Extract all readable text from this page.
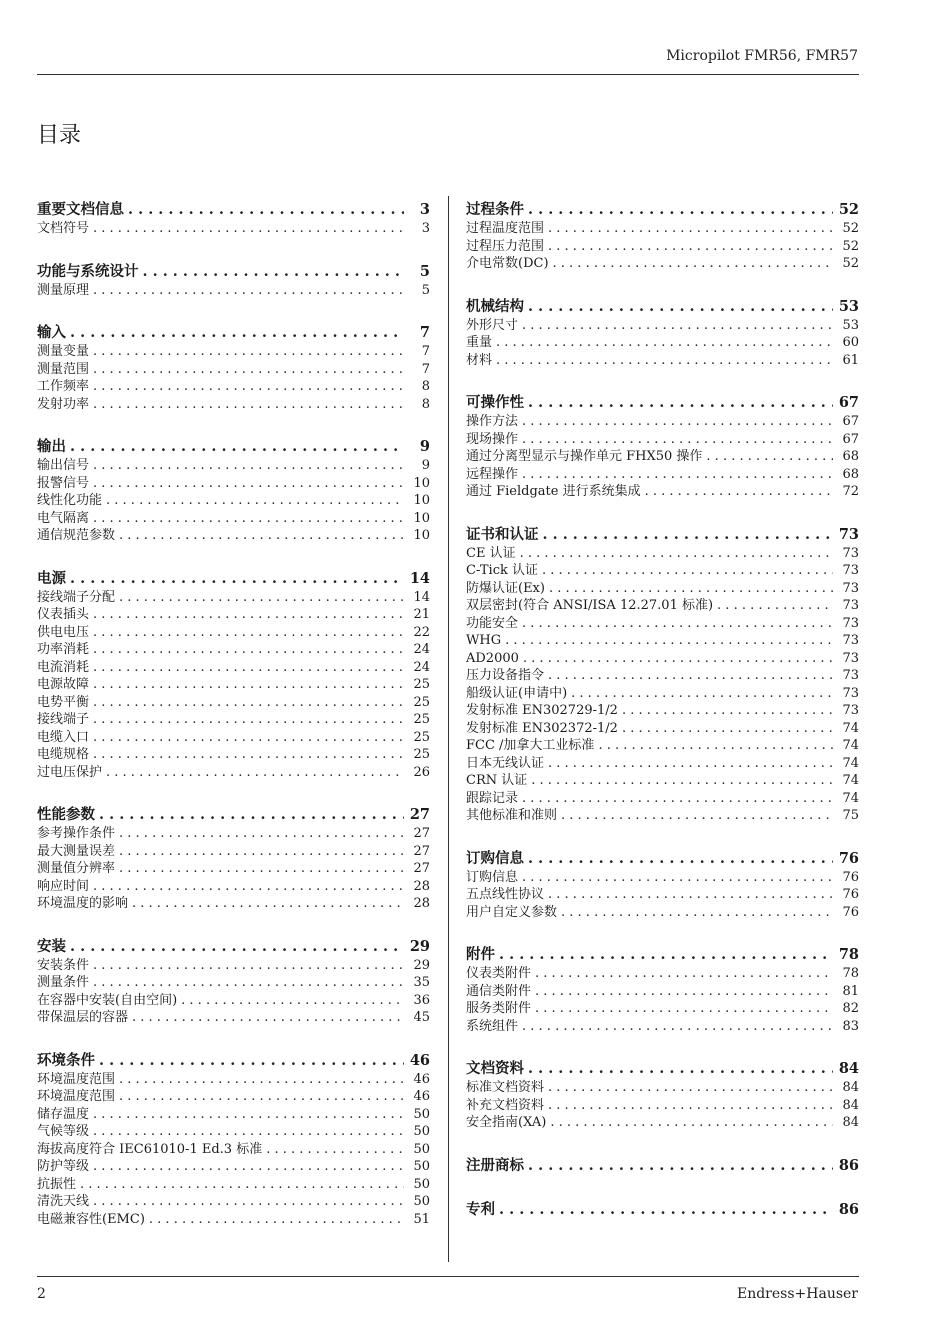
Micropilot FMR56, FMR57
目录
重要文档信息 . . .	3
文档符号 . . .	3
功能与系统设计 . . .	5
测量原理 . . .	5
输入 . . .	7
测量变量 . . .	7
测量范围 . . .	7
工作频率 . . .	8
发射功率 . . .	8
输出 . . .	9
输出信号 . . .	9
报警信号 . . .	10
线性化功能 . . .	10
电气隔离 . . .	10
通信规范参数 . . .	10
电源 . . .	14
接线端子分配 . . .	14
仪表插头 . . .	21
供电电压 . . .	22
功率消耗 . . .	24
电流消耗 . . .	24
电源故障 . . .	25
电势平衡 . . .	25
接线端子 . . .	25
电缆入口 . . .	25
电缆规格 . . .	25
过电压保护 . . .	26
性能参数 . . .	27
参考操作条件 . . .	27
最大测量误差 . . .	27
测量值分辨率 . . .	27
响应时间 . . .	28
环境温度的影响 . . .	28
安装 . . .	29
安装条件 . . .	29
测量条件 . . .	35
在容器中安装(自由空间) . . .	36
带保温层的容器 . . .	45
环境条件 . . .	46
环境温度范围 . . .	46
环境温度范围 . . .	46
储存温度 . . .	50
气候等级 . . .	50
海拔高度符合 IEC61010-1 Ed.3 标准 . . .	50
防护等级 . . .	50
抗振性 . . .	50
清洗天线 . . .	50
电磁兼容性(EMC) . . .	51
过程条件 . . .	52
过程温度范围 . . .	52
过程压力范围 . . .	52
介电常数(DC) . . .	52
机械结构 . . .	53
外形尺寸 . . .	53
重量 . . .	60
材料 . . .	61
可操作性 . . .	67
操作方法 . . .	67
现场操作 . . .	67
通过分离型显示与操作单元 FHX50 操作 . . .	68
远程操作 . . .	68
通过 Fieldgate 进行系统集成 . . .	72
证书和认证 . . .	73
CE 认证 . . .	73
C-Tick 认证 . . .	73
防爆认证(Ex) . . .	73
双层密封(符合 ANSI/ISA 12.27.01 标准) . . .	73
功能安全 . . .	73
WHG . . .	73
AD2000 . . .	73
压力设备指令 . . .	73
船级认证(申请中) . . .	73
发射标准 EN302729-1/2 . . .	73
发射标准 EN302372-1/2 . . .	74
FCC /加拿大工业标准 . . .	74
日本无线认证 . . .	74
CRN 认证 . . .	74
跟踪记录 . . .	74
其他标准和准则 . . .	75
订购信息 . . .	76
订购信息 . . .	76
五点线性协议 . . .	76
用户自定义参数 . . .	76
附件 . . .	78
仪表类附件 . . .	78
通信类附件 . . .	81
服务类附件 . . .	82
系统组件 . . .	83
文档资料 . . .	84
标准文档资料 . . .	84
补充文档资料 . . .	84
安全指南(XA) . . .	84
注册商标 . . .	86
专利 . . .	86
2	Endress+Hauser
